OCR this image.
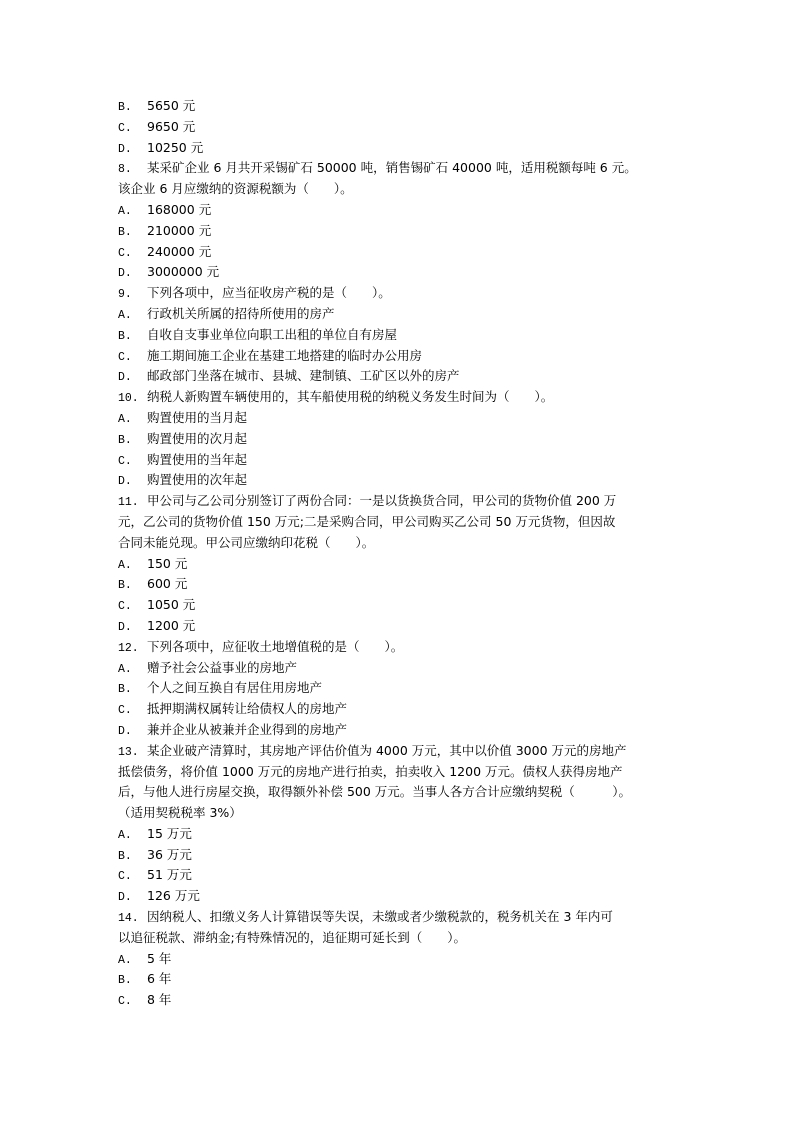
B. 5650 元
C. 9650 元
D. 10250 元
8. 某采矿企业 6 月共开采锡矿石 50000 吨，销售锡矿石 40000 吨，适用税额每吨 6 元。
该企业 6 月应缴纳的资源税额为（　　）。
A. 168000 元
B. 210000 元
C. 240000 元
D. 3000000 元
9. 下列各项中，应当征收房产税的是（　　）。
A. 行政机关所属的招待所使用的房产
B. 自收自支事业单位向职工出租的单位自有房屋
C. 施工期间施工企业在基建工地搭建的临时办公用房
D. 邮政部门坐落在城市、县城、建制镇、工矿区以外的房产
10. 纳税人新购置车辆使用的，其车船使用税的纳税义务发生时间为（　　）。
A. 购置使用的当月起
B. 购置使用的次月起
C. 购置使用的当年起
D. 购置使用的次年起
11. 甲公司与乙公司分别签订了两份合同：一是以货换货合同，甲公司的货物价值 200 万
元，乙公司的货物价值 150 万元;二是采购合同，甲公司购买乙公司 50 万元货物，但因故
合同未能兑现。甲公司应缴纳印花税（　　）。
A. 150 元
B. 600 元
C. 1050 元
D. 1200 元
12. 下列各项中，应征收土地增值税的是（　　）。
A. 赠予社会公益事业的房地产
B. 个人之间互换自有居住用房地产
C. 抵押期满权属转让给债权人的房地产
D. 兼并企业从被兼并企业得到的房地产
13. 某企业破产清算时，其房地产评估价值为 4000 万元，其中以价值 3000 万元的房地产
抵偿债务，将价值 1000 万元的房地产进行拍卖，拍卖收入 1200 万元。债权人获得房地产
后，与他人进行房屋交换，取得额外补偿 500 万元。当事人各方合计应缴纳契税（　　　）。
（适用契税税率 3%）
A. 15 万元
B. 36 万元
C. 51 万元
D. 126 万元
14. 因纳税人、扣缴义务人计算错误等失误，未缴或者少缴税款的，税务机关在 3 年内可
以追征税款、滞纳金;有特殊情况的，追征期可延长到（　　）。
A. 5 年
B. 6 年
C. 8 年
